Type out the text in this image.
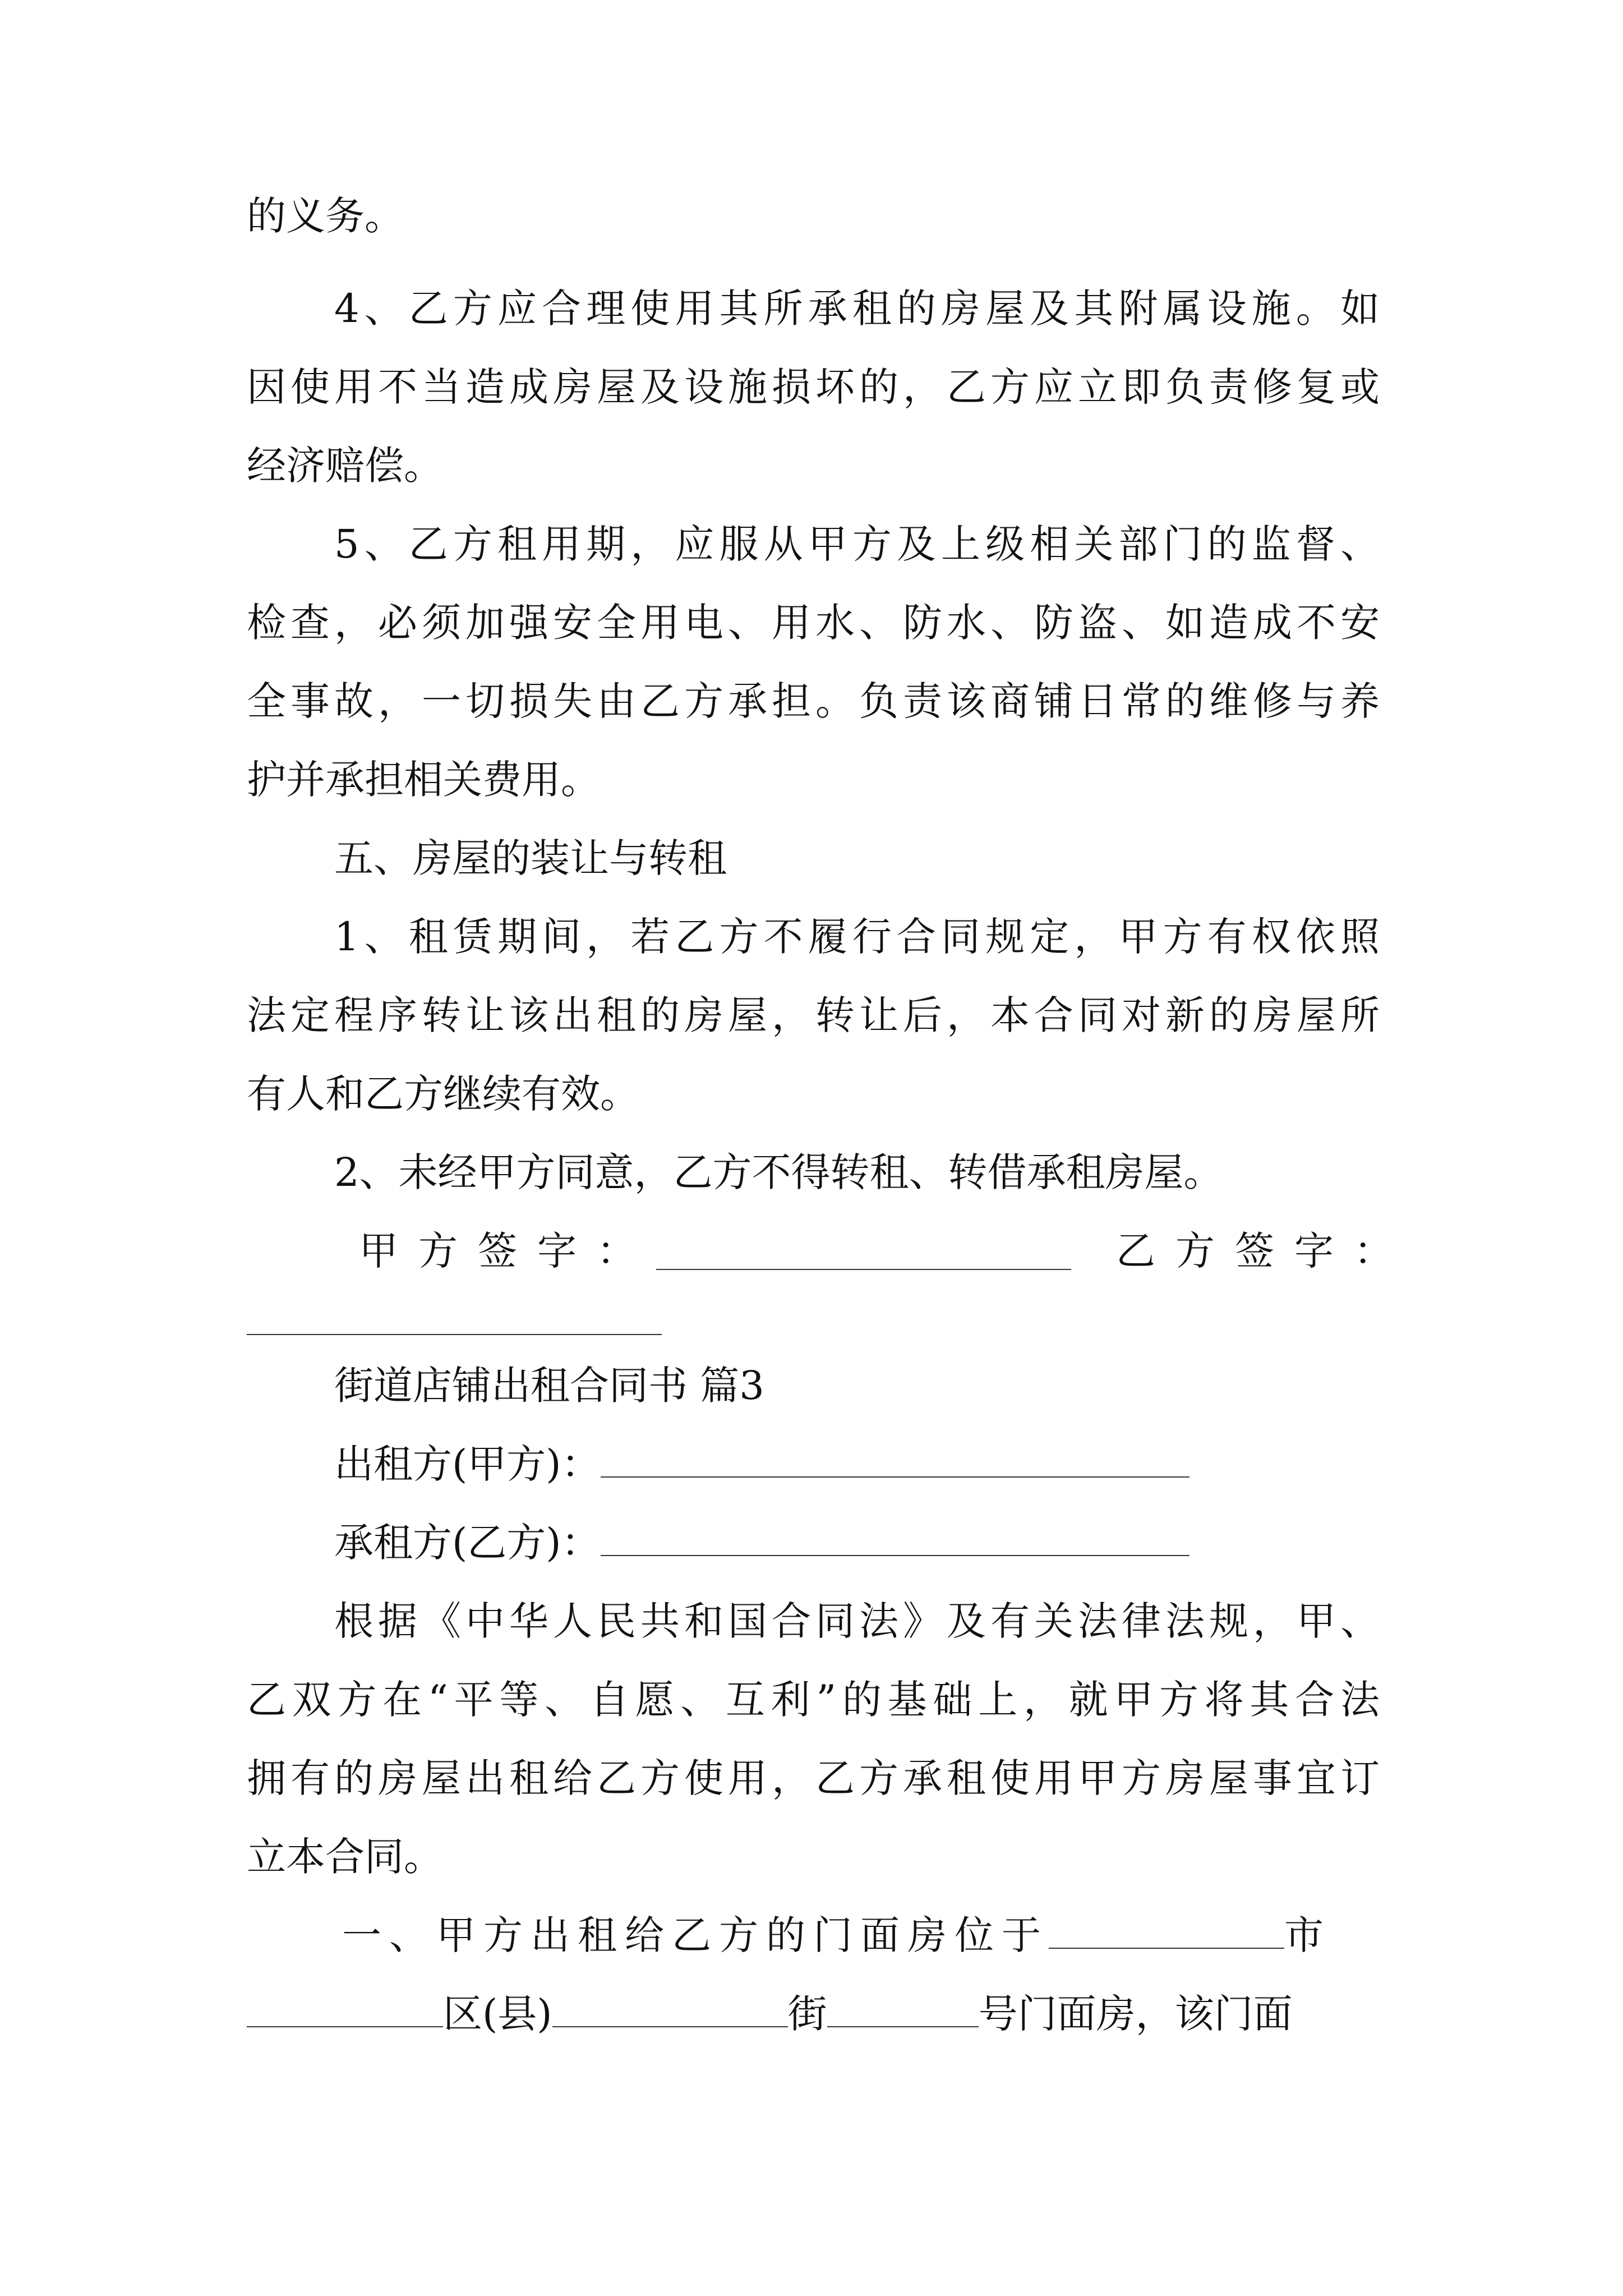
的义务。

4、乙方应合理使用其所承租的房屋及其附属设施。如

因使用不当造成房屋及设施损坏的，乙方应立即负责修复或

经济赔偿。

5、乙方租用期，应服从甲方及上级相关部门的监督、

检查，必须加强安全用电、用水、防水、防盗、如造成不安

全事故，一切损失由乙方承担。负责该商铺日常的维修与养

护并承担相关费用。

五、房屋的装让与转租

1、租赁期间，若乙方不履行合同规定，甲方有权依照

法定程序转让该出租的房屋，转让后，本合同对新的房屋所

有人和乙方继续有效。

2、未经甲方同意，乙方不得转租、转借承租房屋。

甲方签字：	乙方签字：

街道店铺出租合同书 篇3

出租方(甲方)：

承租方(乙方)：

根据《中华人民共和国合同法》及有关法律法规，甲、

乙双方在“平等、自愿、互利”的基础上，就甲方将其合法

拥有的房屋出租给乙方使用，乙方承租使用甲方房屋事宜订

立本合同。

一、甲方出租给乙方的门面房位于	市

区(县)	街	号门面房，该门面
